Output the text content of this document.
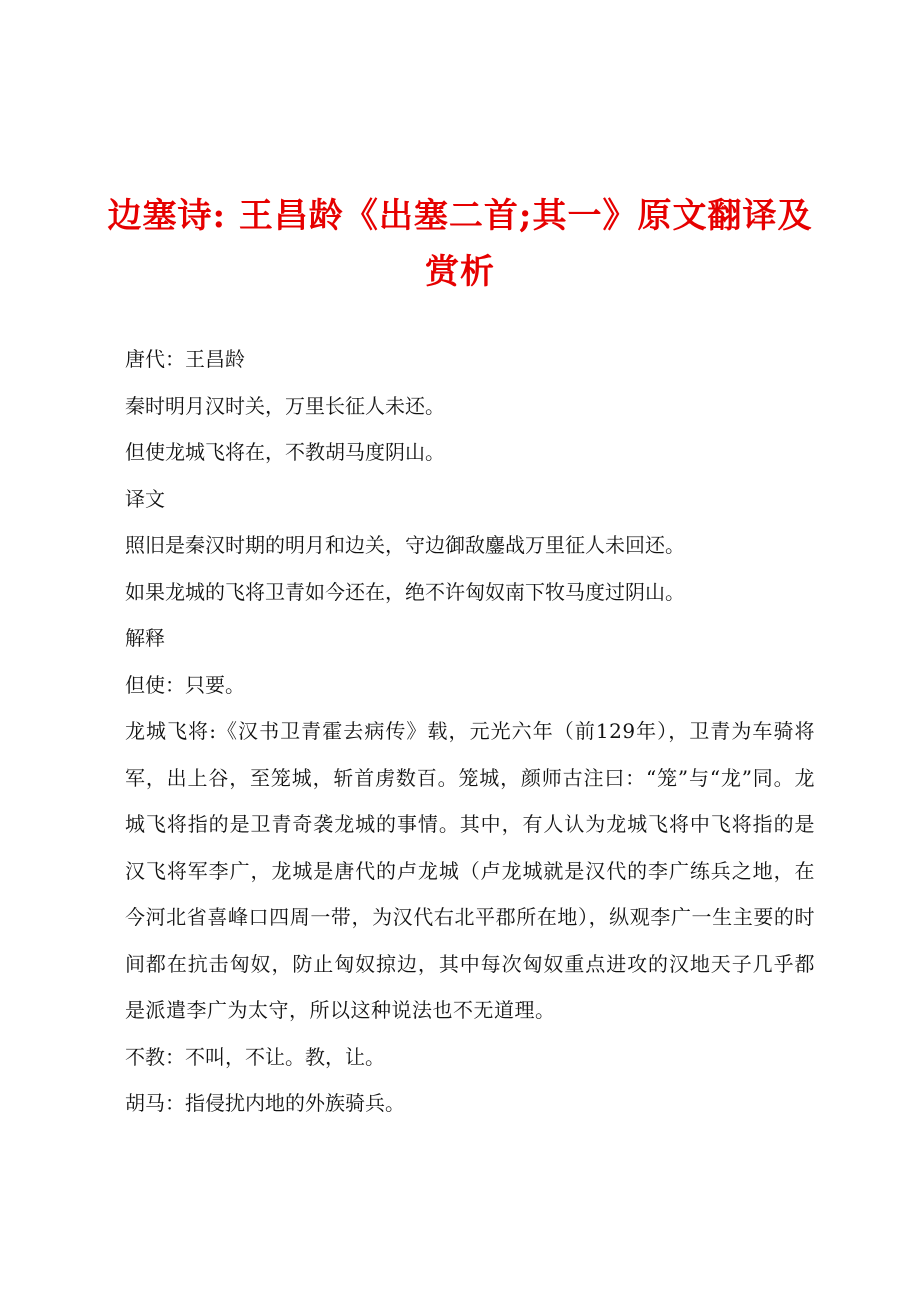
边塞诗: 王昌龄《出塞二首;其一》原文翻译及赏析
唐代：王昌龄
秦时明月汉时关，万里长征人未还。
但使龙城飞将在，不教胡马度阴山。
译文
照旧是秦汉时期的明月和边关，守边御敌鏖战万里征人未回还。
如果龙城的飞将卫青如今还在，绝不许匈奴南下牧马度过阴山。
解释
但使：只要。
龙城飞将:《汉书卫青霍去病传》载，元光六年（前129年），卫青为车骑将军，出上谷，至笼城，斩首虏数百。笼城，颜师古注曰：“笼”与“龙”同。龙城飞将指的是卫青奇袭龙城的事情。其中，有人认为龙城飞将中飞将指的是汉飞将军李广，龙城是唐代的卢龙城（卢龙城就是汉代的李广练兵之地，在今河北省喜峰口四周一带，为汉代右北平郡所在地），纵观李广一生主要的时间都在抗击匈奴，防止匈奴掠边，其中每次匈奴重点进攻的汉地天子几乎都是派遣李广为太守，所以这种说法也不无道理。
不教：不叫，不让。教，让。
胡马：指侵扰内地的外族骑兵。
